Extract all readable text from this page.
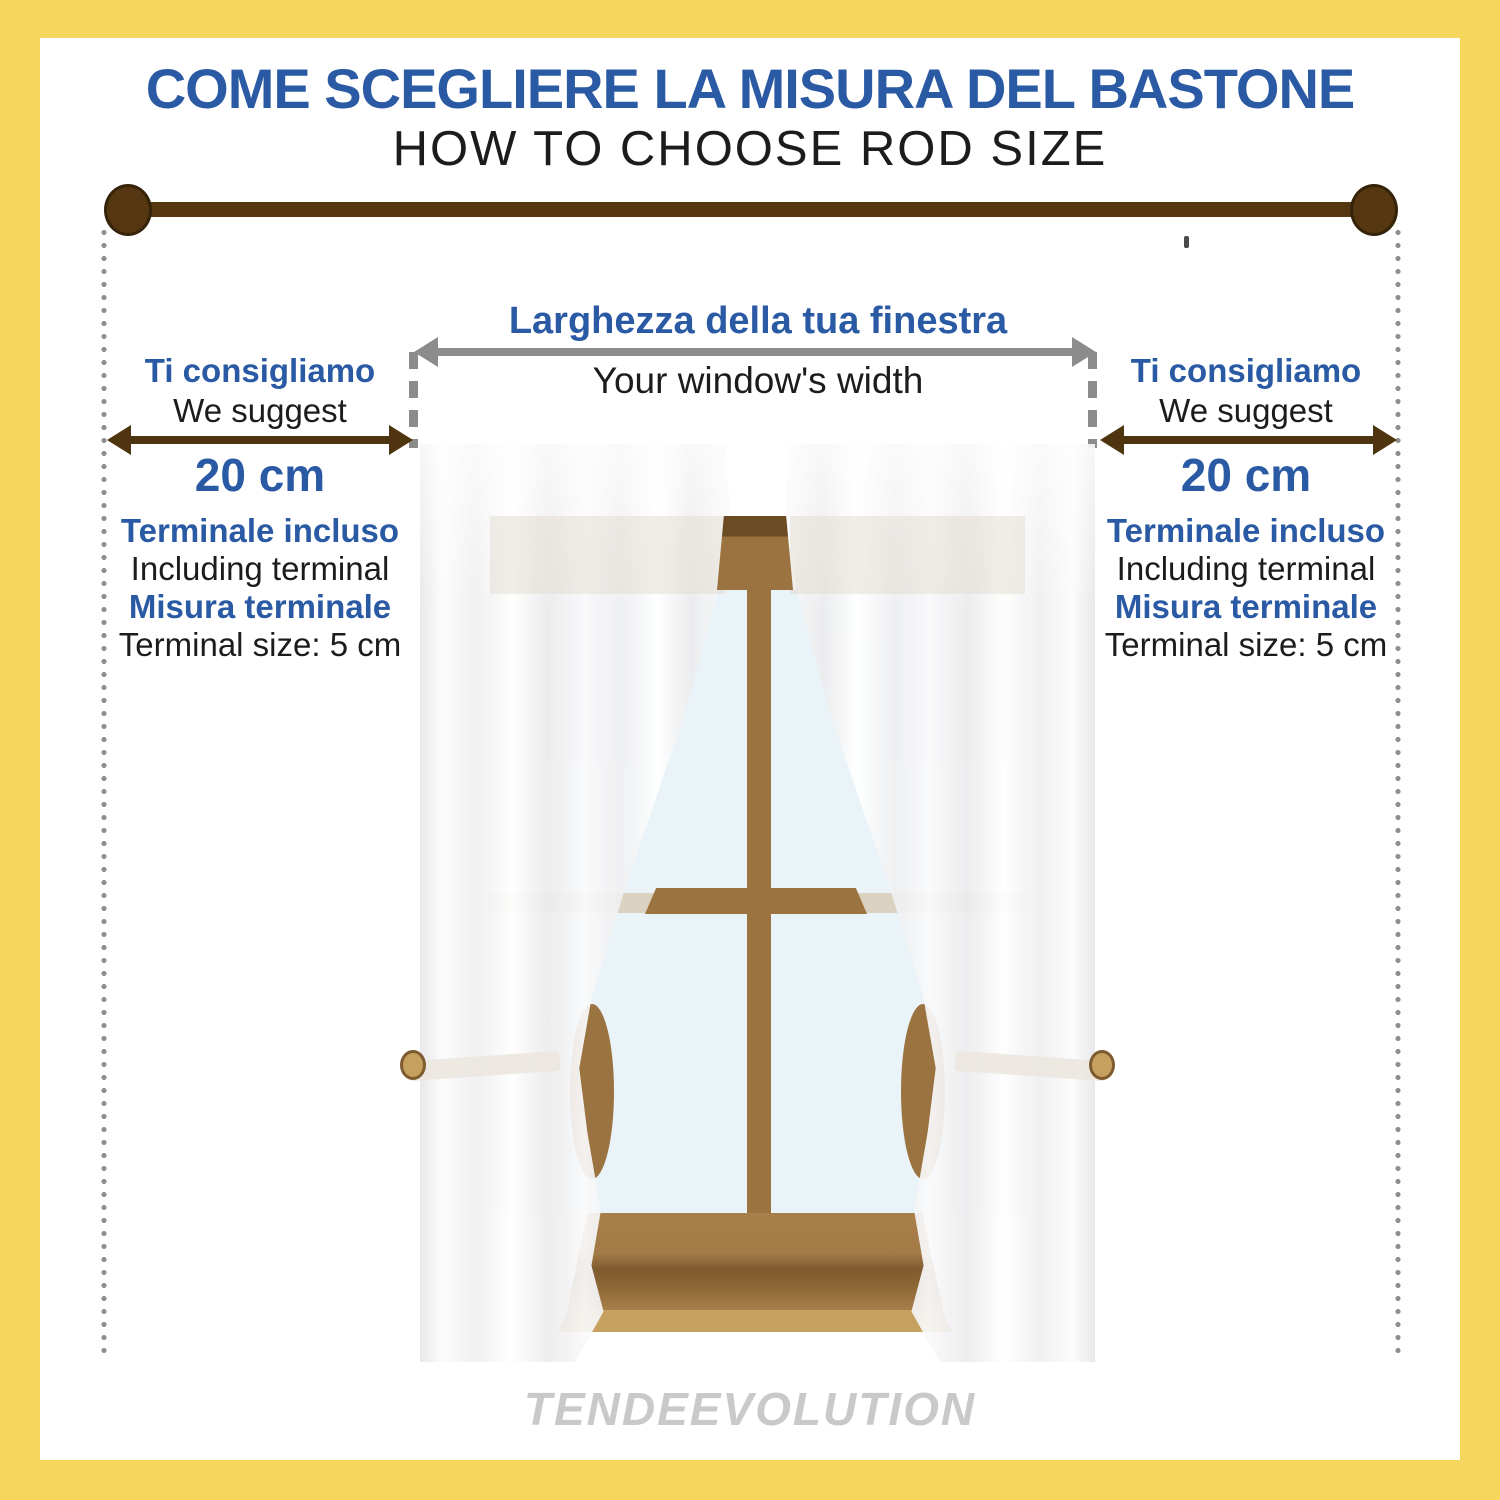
COME SCEGLIERE LA MISURA DEL BASTONE
HOW TO CHOOSE ROD SIZE
Larghezza della tua finestra
Your window's width
Ti consigliamo
We suggest
20 cm
Terminale incluso
Including terminal
Misura terminale
Terminal size: 5 cm
Ti consigliamo
We suggest
20 cm
Terminale incluso
Including terminal
Misura terminale
Terminal size: 5 cm
TENDEEVOLUTION
